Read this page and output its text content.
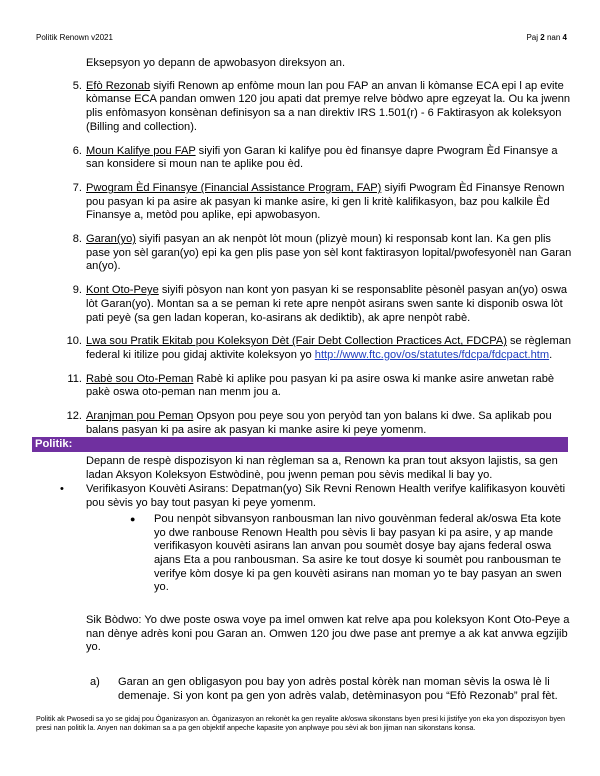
Politik Renown v2021	Paj 2 nan 4
Eksepsyon yo depann de apwobasyon direksyon an.
5. Efò Rezonab siyifi Renown ap enfòme moun lan pou FAP an anvan li kòmanse ECA epi l ap evite kòmanse ECA pandan omwen 120 jou apati dat premye relve bòdwo apre egzeyat la. Ou ka jwenn plis enfòmasyon konsènan definisyon sa a nan direktiv IRS 1.501(r) - 6 Faktirasyon ak koleksyon (Billing and collection).
6. Moun Kalifye pou FAP siyifi yon Garan ki kalifye pou èd finansye dapre Pwogram Èd Finansye a san konsidere si moun nan te aplike pou èd.
7. Pwogram Èd Finansye (Financial Assistance Program, FAP) siyifi Pwogram Èd Finansye Renown pou pasyan ki pa asire ak pasyan ki manke asire, ki gen li kritè kalifikasyon, baz pou kalkile Èd Finansye a, metòd pou aplike, epi apwobasyon.
8. Garan(yo) siyifi pasyan an ak nenpòt lòt moun (plizyè moun) ki responsab kont lan. Ka gen plis pase yon sèl garan(yo) epi ka gen plis pase yon sèl kont faktirasyon lopital/pwofesyonèl nan Garan an(yo).
9. Kont Oto-Peye siyifi pòsyon nan kont yon pasyan ki se responsablite pèsonèl pasyan an(yo) oswa lòt Garan(yo). Montan sa a se peman ki rete apre nenpòt asirans swen sante ki disponib oswa lòt pati peyè (sa gen ladan koperan, ko-asirans ak dediktib), ak apre nenpòt rabè.
10. Lwa sou Pratik Ekitab pou Koleksyon Dèt (Fair Debt Collection Practices Act, FDCPA) se règleman federal ki itilize pou gidaj aktivite koleksyon yo http://www.ftc.gov/os/statutes/fdcpa/fdcpact.htm.
11. Rabè sou Oto-Peman Rabè ki aplike pou pasyan ki pa asire oswa ki manke asire anwetan rabè pakè oswa oto-peman nan menm jou a.
12. Aranjman pou Peman Opsyon pou peye sou yon peryòd tan yon balans ki dwe. Sa aplikab pou balans pasyan ki pa asire ak pasyan ki manke asire ki peye yomenm.
Politik:
Depann de respè dispozisyon ki nan règleman sa a, Renown ka pran tout aksyon lajistis, sa gen ladan Aksyon Koleksyon Estwòdinè, pou jwenn peman pou sèvis medikal li bay yo.
• Verifikasyon Kouvèti Asirans: Depatman(yo) Sik Revni Renown Health verifye kalifikasyon kouvèti pou sèvis yo bay tout pasyan ki peye yomenm.
● Pou nenpòt sibvansyon ranbousman lan nivo gouvènman federal ak/oswa Eta kote yo dwe ranbouse Renown Health pou sèvis li bay pasyan ki pa asire, y ap mande verifikasyon kouvèti asirans lan anvan pou soumèt dosye bay ajans federal oswa ajans Eta a pou ranbousman. Sa asire ke tout dosye ki soumèt pou ranbousman te verifye kòm dosye ki pa gen kouvèti asirans nan moman yo te bay pasyan an swen yo.
Sik Bòdwo: Yo dwe poste oswa voye pa imel omwen kat relve apa pou koleksyon Kont Oto-Peye a nan dènye adrès koni pou Garan an. Omwen 120 jou dwe pase ant premye a ak kat anvwa egzijib yo.
a) Garan an gen obligasyon pou bay yon adrès postal kòrèk nan moman sèvis la oswa lè li demenaje. Si yon kont pa gen yon adrès valab, detèminasyon pou “Efò Rezonab” pral fèt.
Politik ak Pwosedi sa yo se gidaj pou Òganizasyon an. Òganizasyon an rekonèt ka gen reyalite ak/oswa sikonstans byen presi ki jistifye yon eka yon dispozisyon byen presi nan politik la. Anyen nan dokiman sa a pa gen objektif anpeche kapasite yon anplwaye pou sèvi ak bon jijman nan sikonstans konsa.
